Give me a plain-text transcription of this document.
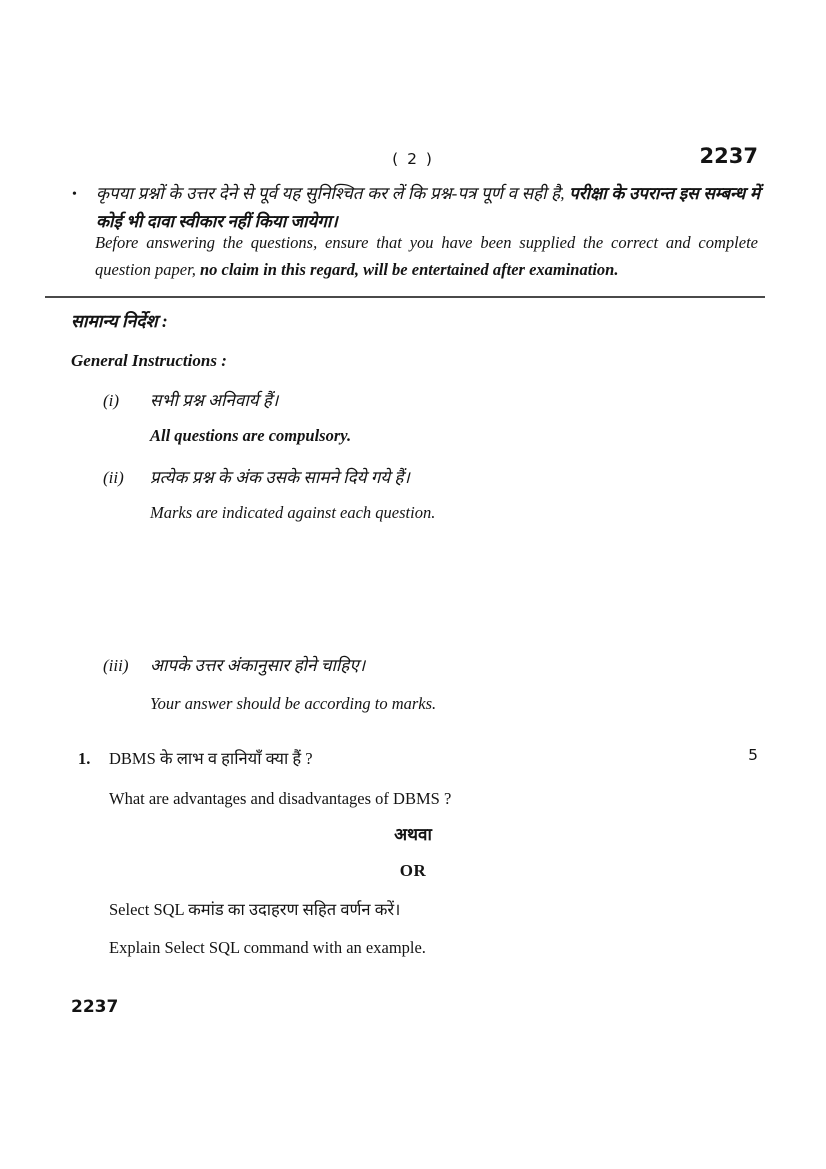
( 2 )	2237
• कृपया प्रश्नों के उत्तर देने से पूर्व यह सुनिश्चित कर लें कि प्रश्न-पत्र पूर्ण व सही है, परीक्षा के उपरान्त इस सम्बन्ध में कोई भी दावा स्वीकार नहीं किया जायेगा।
Before answering the questions, ensure that you have been supplied the correct and complete question paper, no claim in this regard, will be entertained after examination.
सामान्य निर्देश :
General Instructions :
(i) सभी प्रश्न अनिवार्य हैं।
All questions are compulsory.
(ii) प्रत्येक प्रश्न के अंक उसके सामने दिये गये हैं।
Marks are indicated against each question.
(iii) आपके उत्तर अंकानुसार होने चाहिए।
Your answer should be according to marks.
1. DBMS के लाभ व हानियाँ क्या हैं ?	5
What are advantages and disadvantages of DBMS ?
अथवा
OR
Select SQL कमांड का उदाहरण सहित वर्णन करें।
Explain Select SQL command with an example.
2237
